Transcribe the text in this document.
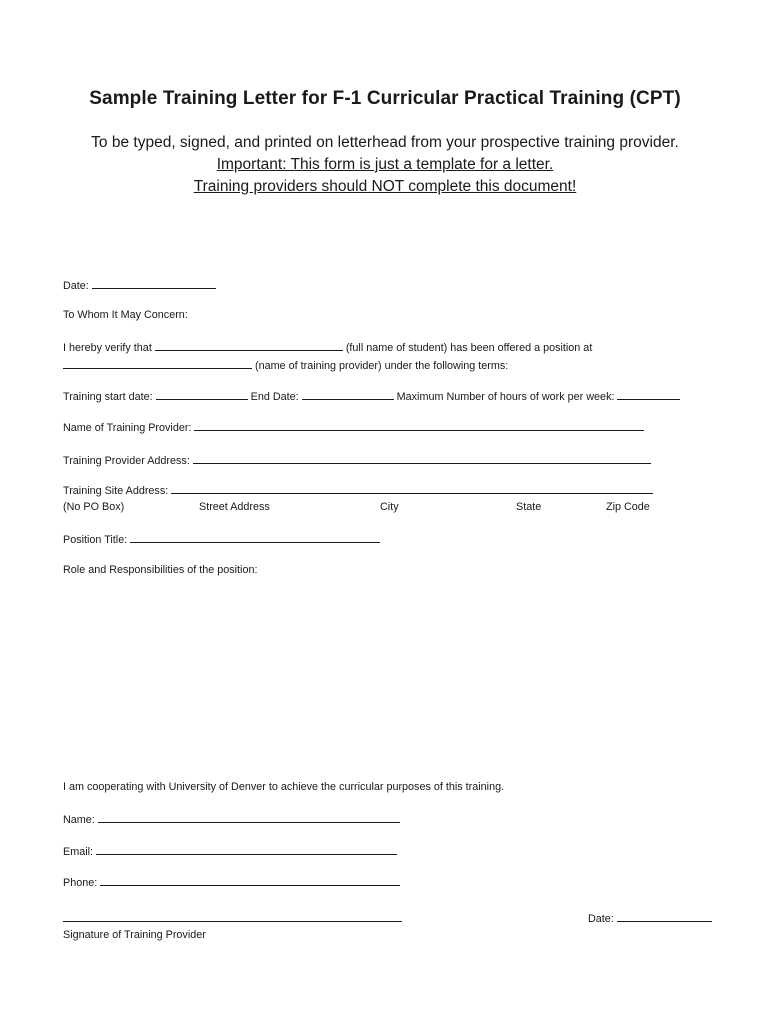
Sample Training Letter for F-1 Curricular Practical Training (CPT)
To be typed, signed, and printed on letterhead from your prospective training provider.
Important: This form is just a template for a letter.
Training providers should NOT complete this document!
Date:
To Whom It May Concern:
I hereby verify that	(full name of student) has been offered a position at
(name of training provider) under the following terms:
Training start date:	End Date:	Maximum Number of hours of work per week:
Name of Training Provider:
Training Provider Address:
Training Site Address:
(No PO Box)	Street Address	City	State	Zip Code
Position Title:
Role and Responsibilities of the position:
I am cooperating with University of Denver to achieve the curricular purposes of this training.
Name:
Email:
Phone:
Signature of Training Provider
Date:
